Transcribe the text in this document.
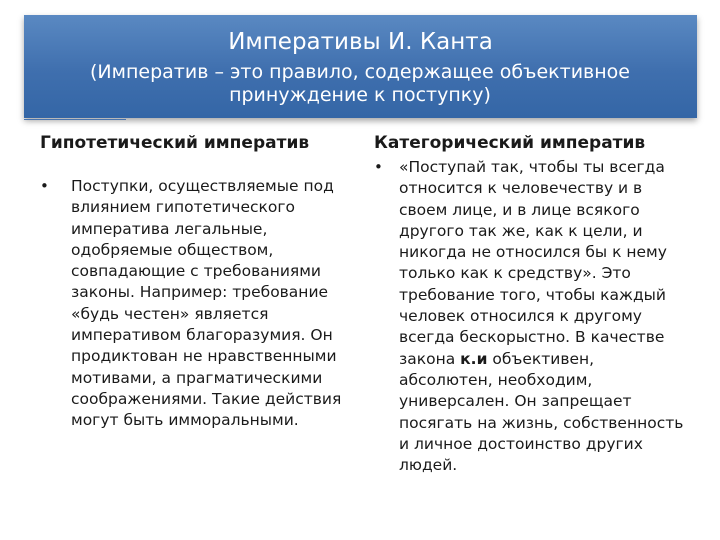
Императивы И. Канта
(Императив – это правило, содержащее объективное принуждение к поступку)
Гипотетический императив
• Поступки, осуществляемые под влиянием гипотетического императива легальные, одобряемые обществом, совпадающие с требованиями законы. Например: требование «будь честен» является императивом благоразумия. Он продиктован не нравственными мотивами, а прагматическими соображениями. Такие действия могут быть имморальными.
Категорический императив
• «Поступай так, чтобы ты всегда относится к человечеству и в своем лице, и в лице всякого другого так же, как к цели, и никогда не относился бы к нему только как к средству». Это требование того, чтобы каждый человек относился к другому всегда бескорыстно. В качестве закона к.и объективен, абсолютен, необходим, универсален. Он запрещает посягать на жизнь, собственность и личное достоинство других людей.
